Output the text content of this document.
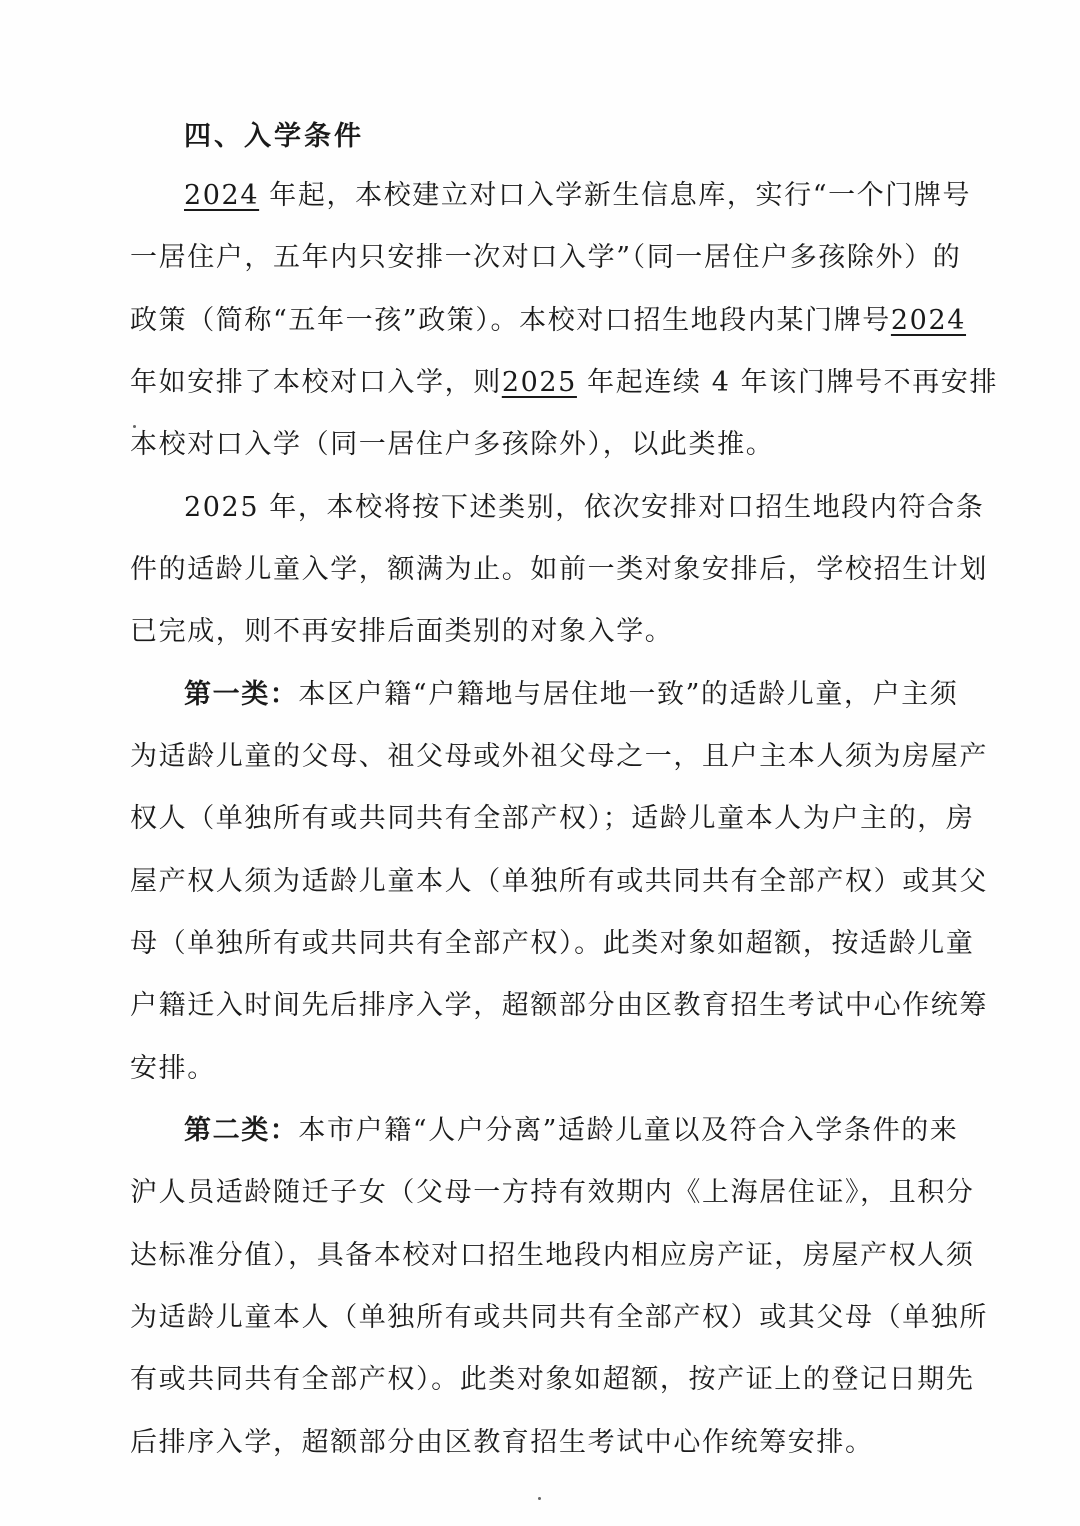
四、入学条件
2024 年起，本校建立对口入学新生信息库，实行“一个门牌号
一居住户，五年内只安排一次对口入学”（同一居住户多孩除外）的
政策（简称“五年一孩”政策）。本校对口招生地段内某门牌号2024
年如安排了本校对口入学，则2025 年起连续 4 年该门牌号不再安排
本校对口入学（同一居住户多孩除外），以此类推。
2025 年，本校将按下述类别，依次安排对口招生地段内符合条
件的适龄儿童入学，额满为止。如前一类对象安排后，学校招生计划
已完成，则不再安排后面类别的对象入学。
第一类：本区户籍“户籍地与居住地一致”的适龄儿童，户主须
为适龄儿童的父母、祖父母或外祖父母之一，且户主本人须为房屋产
权人（单独所有或共同共有全部产权）；适龄儿童本人为户主的，房
屋产权人须为适龄儿童本人（单独所有或共同共有全部产权）或其父
母（单独所有或共同共有全部产权）。此类对象如超额，按适龄儿童
户籍迁入时间先后排序入学，超额部分由区教育招生考试中心作统筹
安排。
第二类：本市户籍“人户分离”适龄儿童以及符合入学条件的来
沪人员适龄随迁子女（父母一方持有效期内《上海居住证》，且积分
达标准分值），具备本校对口招生地段内相应房产证，房屋产权人须
为适龄儿童本人（单独所有或共同共有全部产权）或其父母（单独所
有或共同共有全部产权）。此类对象如超额，按产证上的登记日期先
后排序入学，超额部分由区教育招生考试中心作统筹安排。
